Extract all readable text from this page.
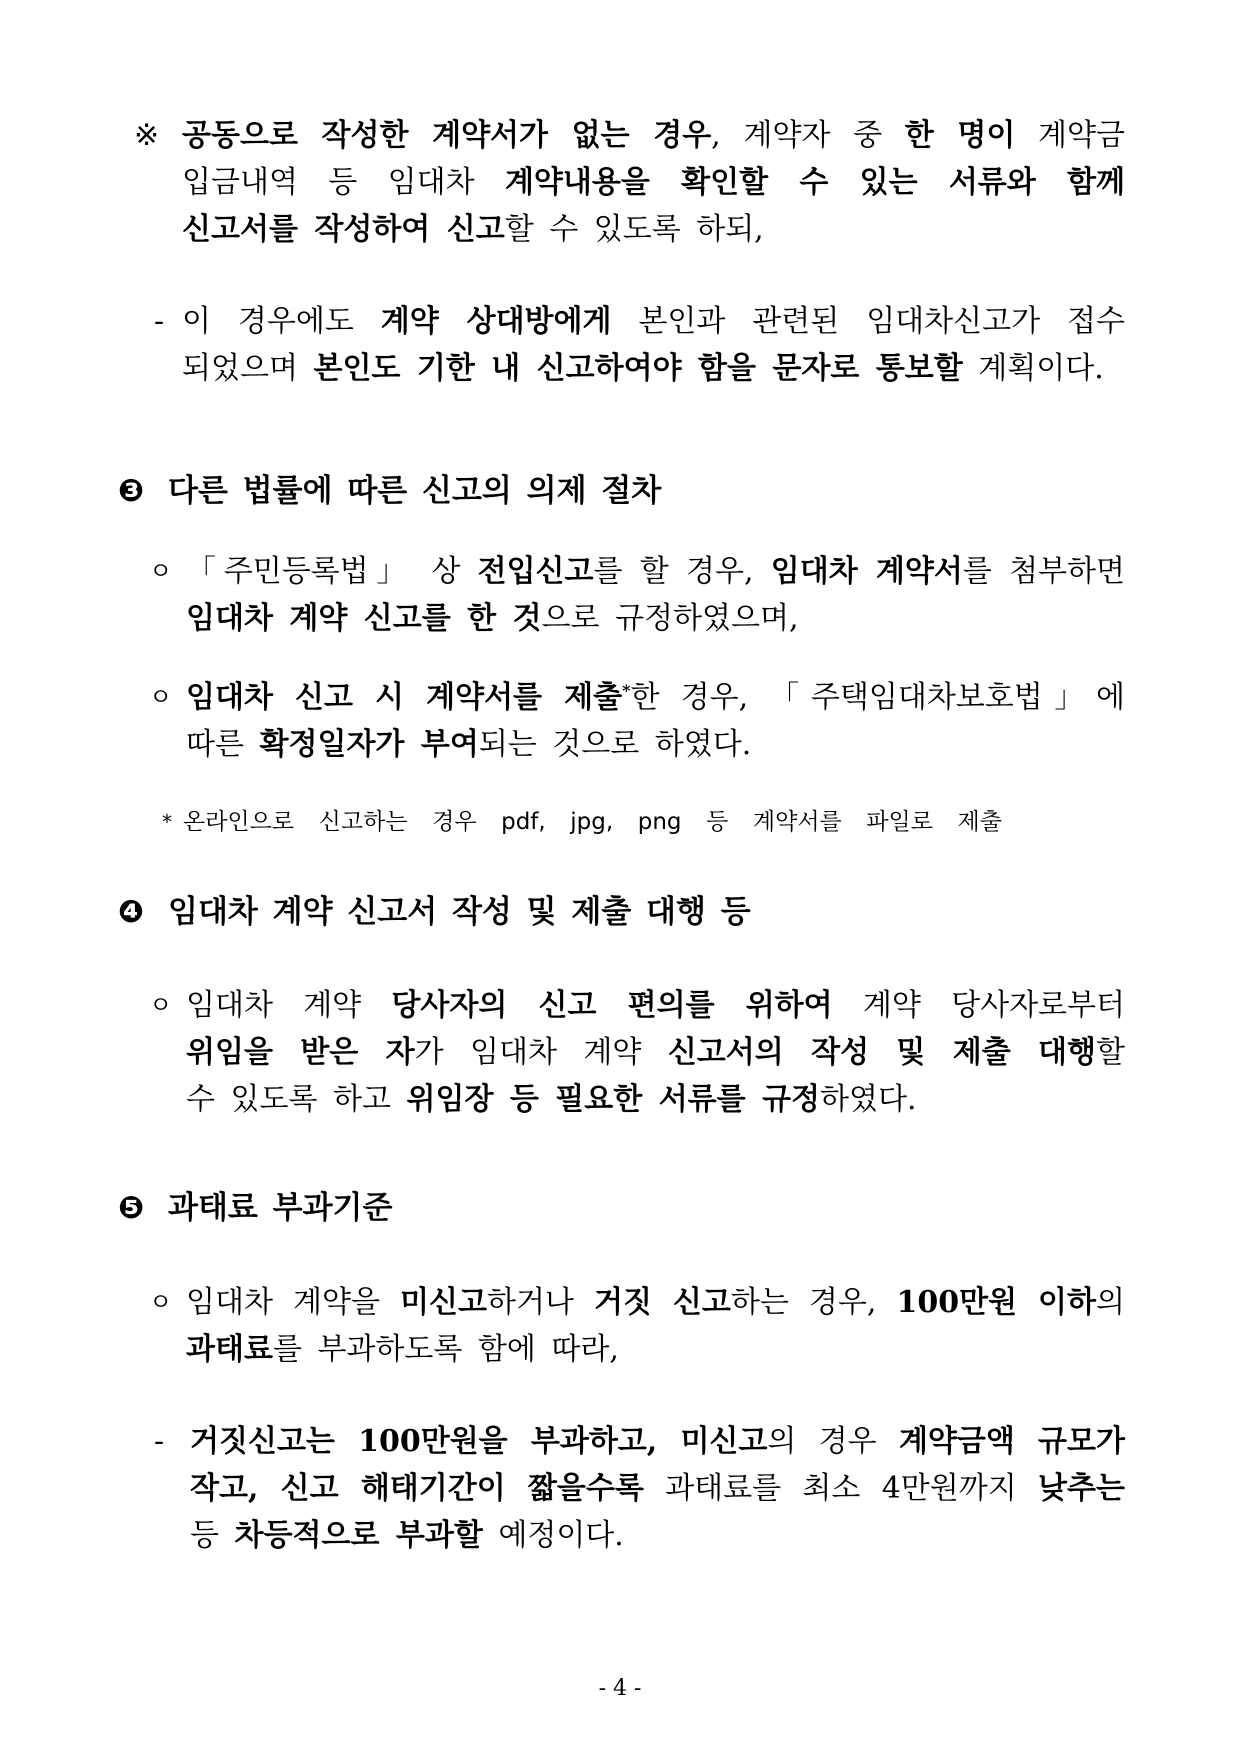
※ 공동으로 작성한 계약서가 없는 경우, 계약자 중 한 명이 계약금
입금내역 등 임대차 계약내용을 확인할 수 있는 서류와 함께
신고서를 작성하여 신고할 수 있도록 하되,
- 이 경우에도 계약 상대방에게 본인과 관련된 임대차신고가 접수
되었으며 본인도 기한 내 신고하여야 함을 문자로 통보할 계획이다.
❸ 다른 법률에 따른 신고의 의제 절차
ㅇ 「주민등록법」 상 전입신고를 할 경우, 임대차 계약서를 첨부하면
임대차 계약 신고를 한 것으로 규정하였으며,
ㅇ 임대차 신고 시 계약서를 제출*한 경우, 「주택임대차보호법」에
따른 확정일자가 부여되는 것으로 하였다.
* 온라인으로 신고하는 경우 pdf, jpg, png 등 계약서를 파일로 제출
❹ 임대차 계약 신고서 작성 및 제출 대행 등
ㅇ 임대차 계약 당사자의 신고 편의를 위하여 계약 당사자로부터
위임을 받은 자가 임대차 계약 신고서의 작성 및 제출 대행할
수 있도록 하고 위임장 등 필요한 서류를 규정하였다.
❺ 과태료 부과기준
ㅇ 임대차 계약을 미신고하거나 거짓 신고하는 경우, 100만원 이하의
과태료를 부과하도록 함에 따라,
- 거짓신고는 100만원을 부과하고, 미신고의 경우 계약금액 규모가
작고, 신고 해태기간이 짧을수록 과태료를 최소 4만원까지 낮추는
등 차등적으로 부과할 예정이다.
- 4 -
